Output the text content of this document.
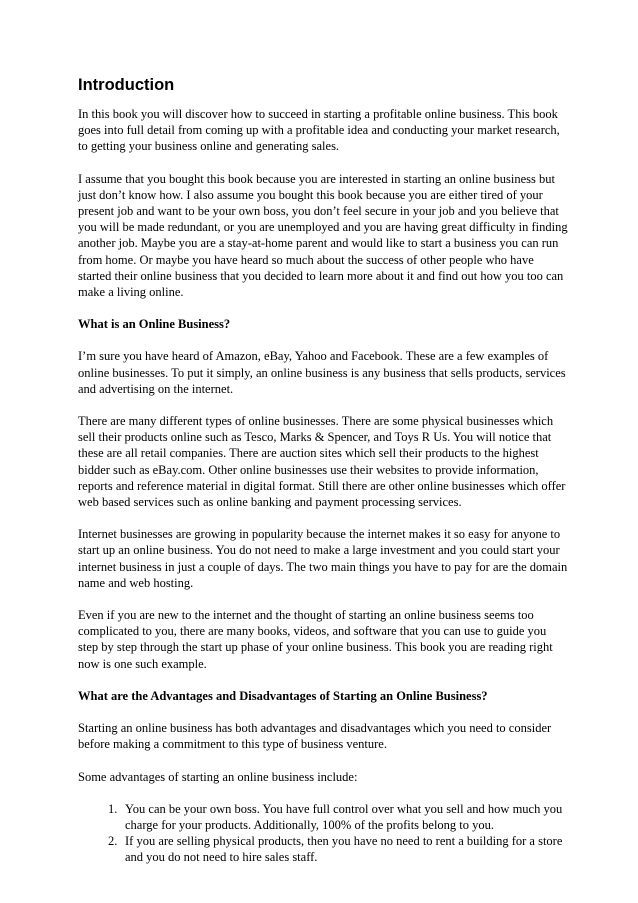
Introduction

In this book you will discover how to succeed in starting a profitable online business. This book goes into full detail from coming up with a profitable idea and conducting your market research, to getting your business online and generating sales.

I assume that you bought this book because you are interested in starting an online business but just don’t know how. I also assume you bought this book because you are either tired of your present job and want to be your own boss, you don’t feel secure in your job and you believe that you will be made redundant, or you are unemployed and you are having great difficulty in finding another job. Maybe you are a stay-at-home parent and would like to start a business you can run from home. Or maybe you have heard so much about the success of other people who have started their online business that you decided to learn more about it and find out how you too can make a living online.

What is an Online Business?

I’m sure you have heard of Amazon, eBay, Yahoo and Facebook. These are a few examples of online businesses. To put it simply, an online business is any business that sells products, services and advertising on the internet.

There are many different types of online businesses. There are some physical businesses which sell their products online such as Tesco, Marks & Spencer, and Toys R Us. You will notice that these are all retail companies. There are auction sites which sell their products to the highest bidder such as eBay.com. Other online businesses use their websites to provide information, reports and reference material in digital format. Still there are other online businesses which offer web based services such as online banking and payment processing services.

Internet businesses are growing in popularity because the internet makes it so easy for anyone to start up an online business. You do not need to make a large investment and you could start your internet business in just a couple of days. The two main things you have to pay for are the domain name and web hosting.

Even if you are new to the internet and the thought of starting an online business seems too complicated to you, there are many books, videos, and software that you can use to guide you step by step through the start up phase of your online business. This book you are reading right now is one such example.

What are the Advantages and Disadvantages of Starting an Online Business?

Starting an online business has both advantages and disadvantages which you need to consider before making a commitment to this type of business venture.

Some advantages of starting an online business include:

1. You can be your own boss. You have full control over what you sell and how much you charge for your products. Additionally, 100% of the profits belong to you.
2. If you are selling physical products, then you have no need to rent a building for a store and you do not need to hire sales staff.
